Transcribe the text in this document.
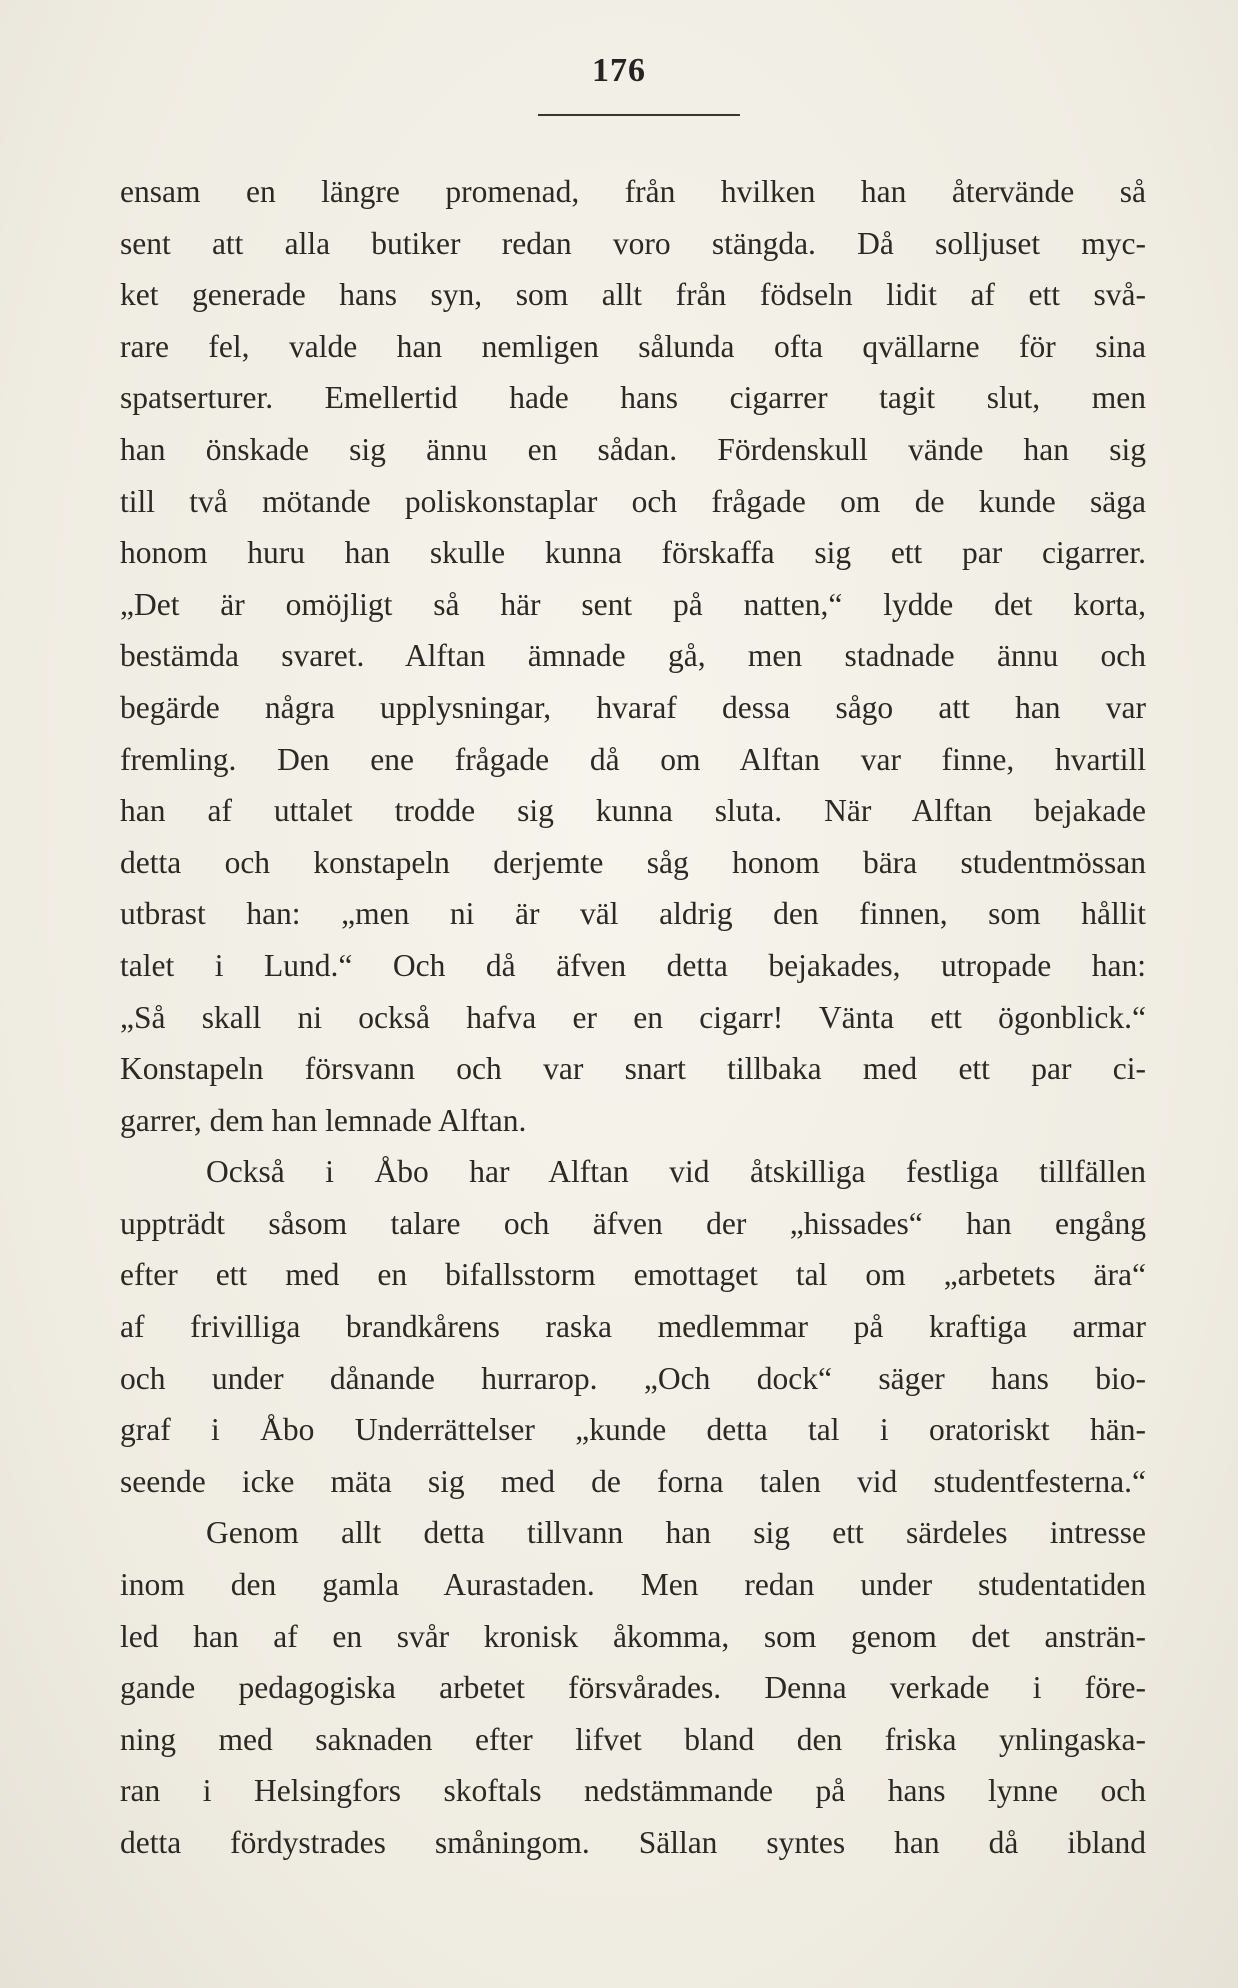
176
ensam en längre promenad, från hvilken han återvände så
sent att alla butiker redan voro stängda. Då solljuset myc-
ket generade hans syn, som allt från födseln lidit af ett svå-
rare fel, valde han nemligen sålunda ofta qvällarne för sina
spatserturer. Emellertid hade hans cigarrer tagit slut, men
han önskade sig ännu en sådan. Fördenskull vände han sig
till två mötande poliskonstaplar och frågade om de kunde säga
honom huru han skulle kunna förskaffa sig ett par cigarrer.
„Det är omöjligt så här sent på natten,“ lydde det korta,
bestämda svaret. Alftan ämnade gå, men stadnade ännu och
begärde några upplysningar, hvaraf dessa sågo att han var
fremling. Den ene frågade då om Alftan var finne, hvartill
han af uttalet trodde sig kunna sluta. När Alftan bejakade
detta och konstapeln derjemte såg honom bära studentmössan
utbrast han: „men ni är väl aldrig den finnen, som hållit
talet i Lund.“ Och då äfven detta bejakades, utropade han:
„Så skall ni också hafva er en cigarr! Vänta ett ögonblick.“
Konstapeln försvann och var snart tillbaka med ett par ci-
garrer, dem han lemnade Alftan.
Också i Åbo har Alftan vid åtskilliga festliga tillfällen
uppträdt såsom talare och äfven der „hissades“ han engång
efter ett med en bifallsstorm emottaget tal om „arbetets ära“
af frivilliga brandkårens raska medlemmar på kraftiga armar
och under dånande hurrarop. „Och dock“ säger hans bio-
graf i Åbo Underrättelser „kunde detta tal i oratoriskt hän-
seende icke mäta sig med de forna talen vid studentfesterna.“
Genom allt detta tillvann han sig ett särdeles intresse
inom den gamla Aurastaden. Men redan under studentatiden
led han af en svår kronisk åkomma, som genom det ansträn-
gande pedagogiska arbetet försvårades. Denna verkade i före-
ning med saknaden efter lifvet bland den friska ynlingaska-
ran i Helsingfors skoftals nedstämmande på hans lynne och
detta fördystrades småningom. Sällan syntes han då ibland
